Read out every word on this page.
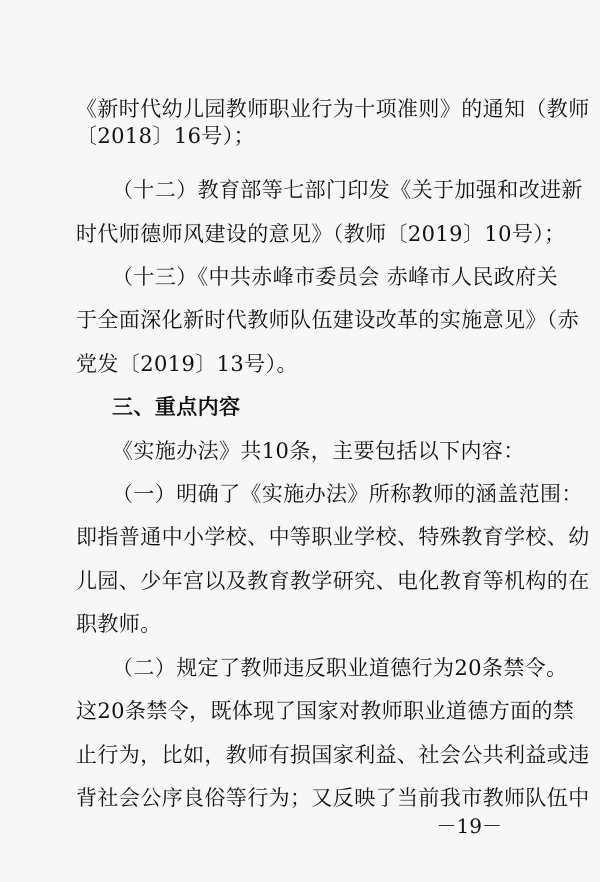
《新时代幼儿园教师职业行为十项准则》的通知（教师
〔2018〕16号）；
（十二）教育部等七部门印发《关于加强和改进新
时代师德师风建设的意见》（教师〔2019〕10号）；
（十三）《中共赤峰市委员会 赤峰市人民政府关
于全面深化新时代教师队伍建设改革的实施意见》（赤
党发〔2019〕13号）。
三、重点内容
《实施办法》共10条，主要包括以下内容：
（一）明确了《实施办法》所称教师的涵盖范围：
即指普通中小学校、中等职业学校、特殊教育学校、幼
儿园、少年宫以及教育教学研究、电化教育等机构的在
职教师。
（二）规定了教师违反职业道德行为20条禁令。
这20条禁令，既体现了国家对教师职业道德方面的禁
止行为，比如，教师有损国家利益、社会公共利益或违
背社会公序良俗等行为；又反映了当前我市教师队伍中
－19－
